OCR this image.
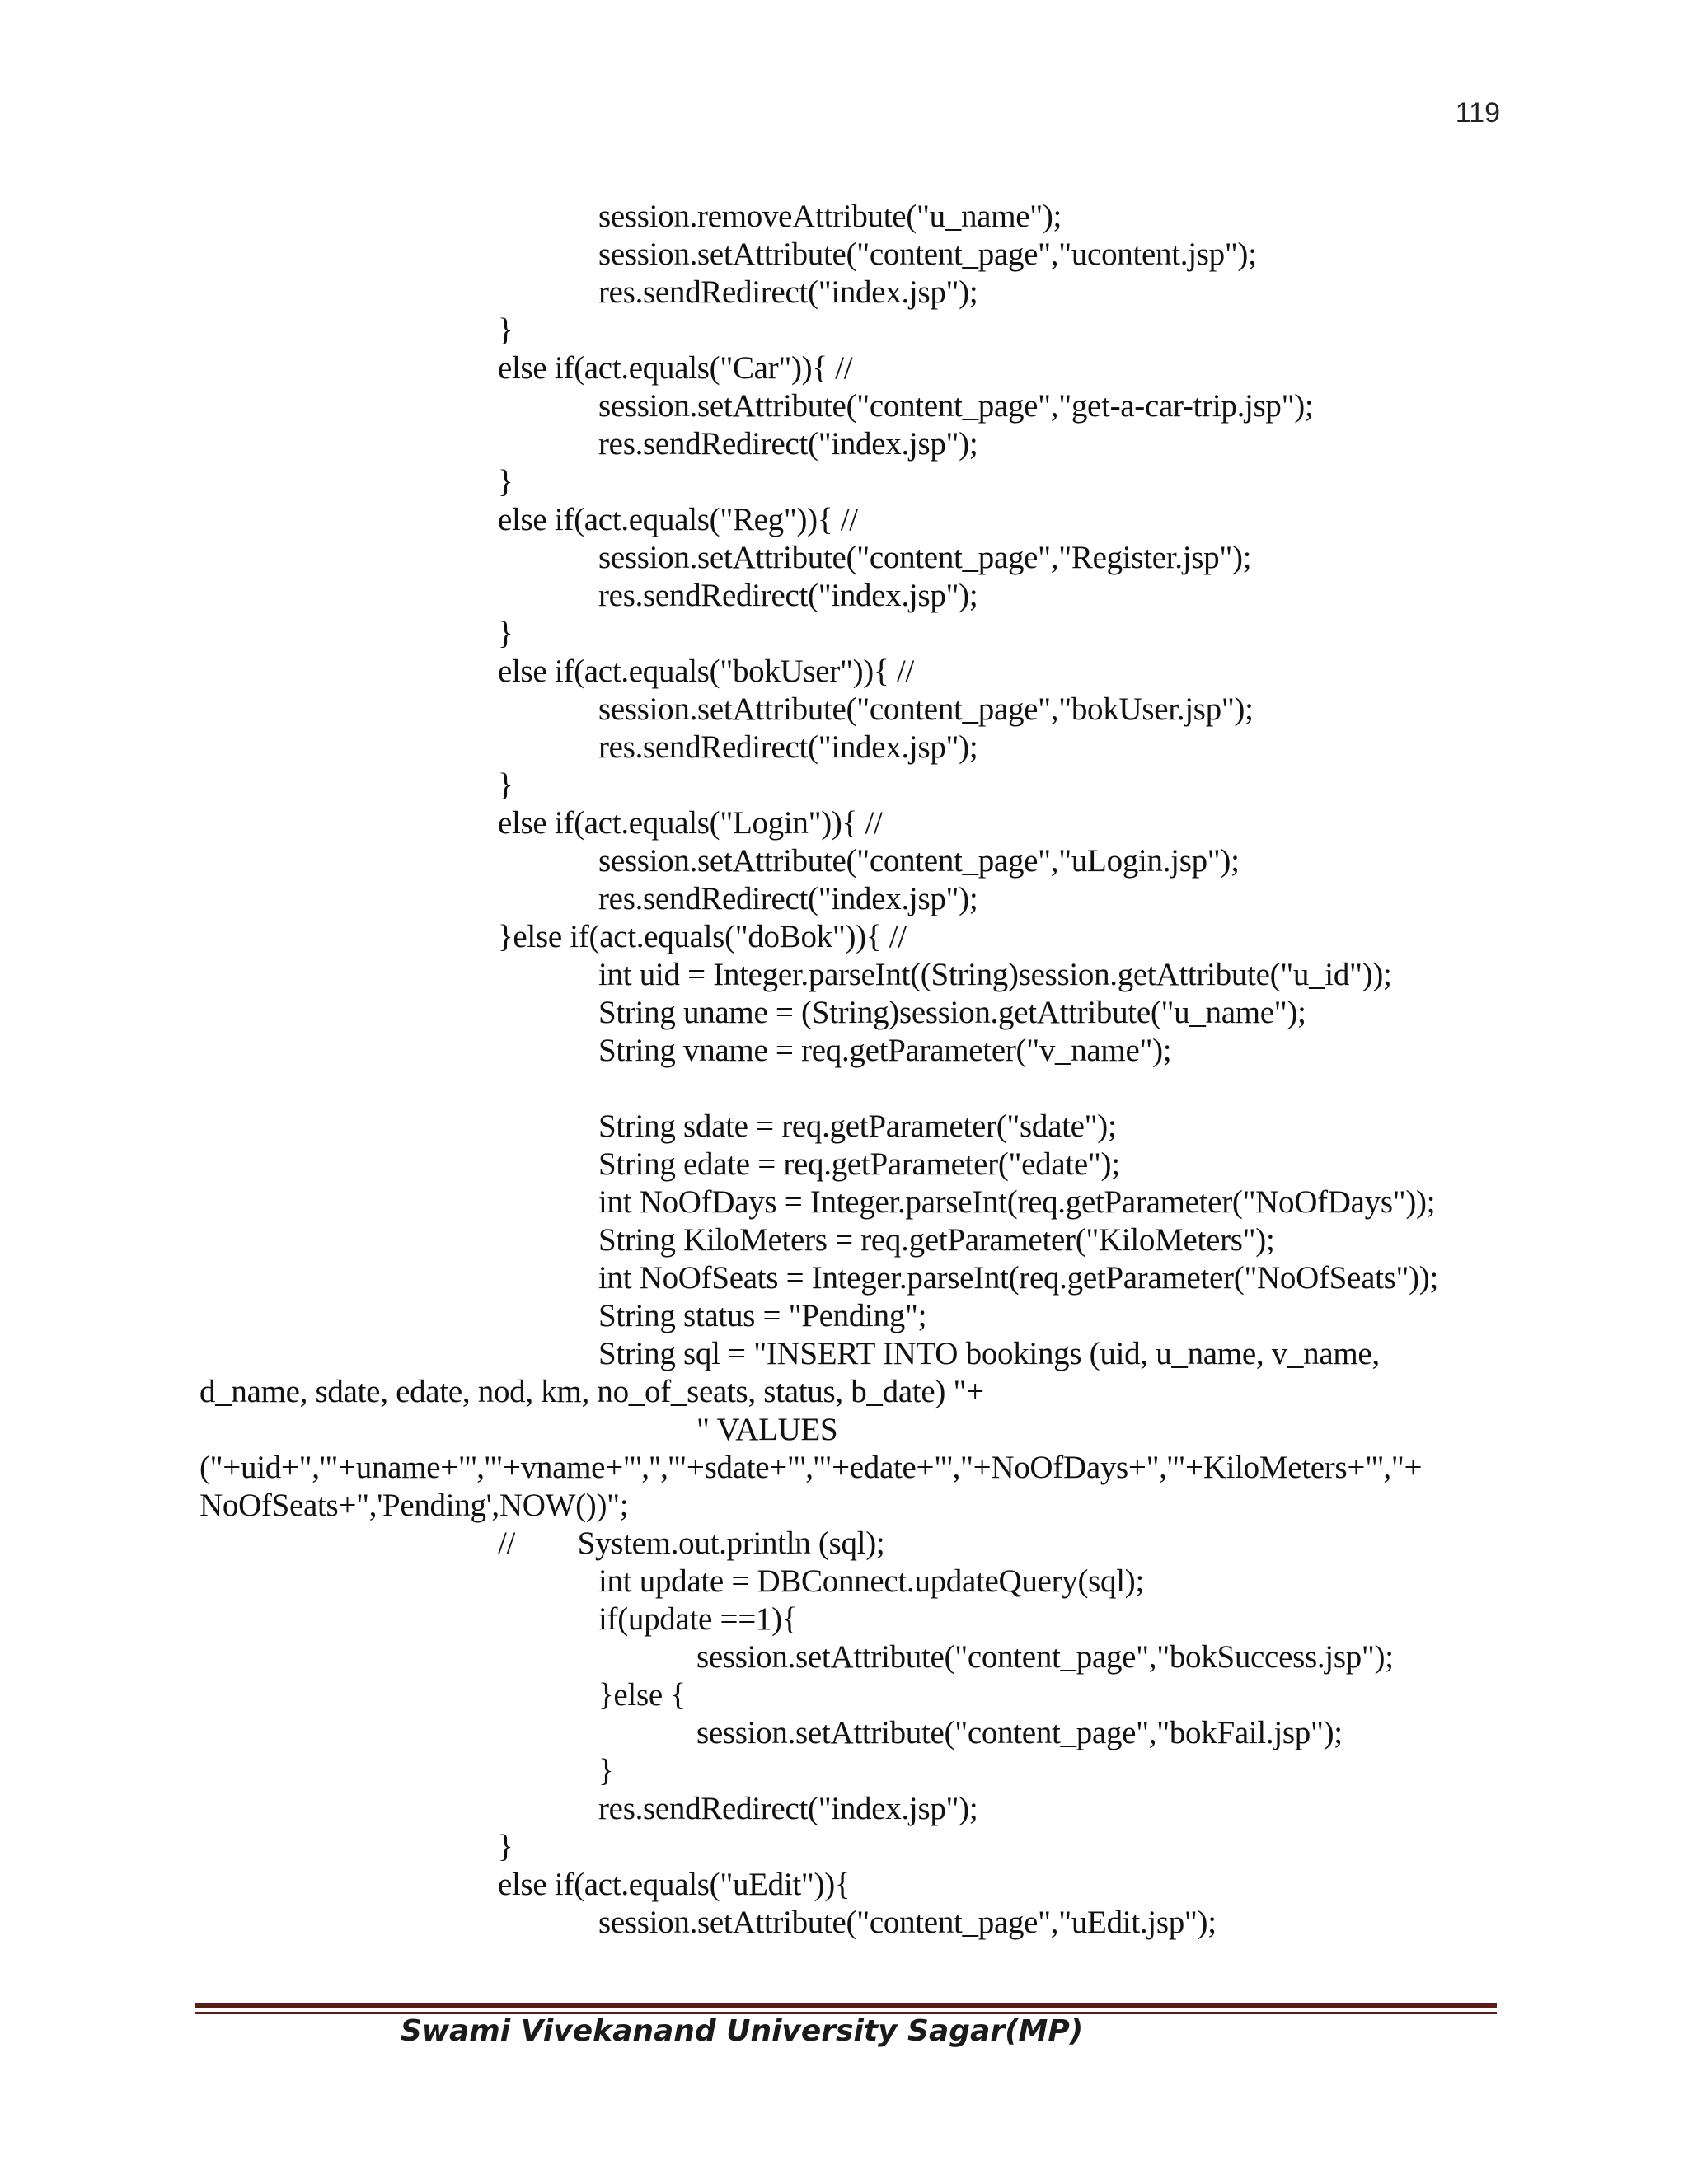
119
session.removeAttribute("u_name");
session.setAttribute("content_page","ucontent.jsp");
res.sendRedirect("index.jsp");
}
else if(act.equals("Car")){ //
session.setAttribute("content_page","get-a-car-trip.jsp");
res.sendRedirect("index.jsp");
}
else if(act.equals("Reg")){ //
session.setAttribute("content_page","Register.jsp");
res.sendRedirect("index.jsp");
}
else if(act.equals("bokUser")){ //
session.setAttribute("content_page","bokUser.jsp");
res.sendRedirect("index.jsp");
}
else if(act.equals("Login")){ //
session.setAttribute("content_page","uLogin.jsp");
res.sendRedirect("index.jsp");
}else if(act.equals("doBok")){ //
int uid = Integer.parseInt((String)session.getAttribute("u_id"));
String uname = (String)session.getAttribute("u_name");
String vname = req.getParameter("v_name");
String sdate = req.getParameter("sdate");
String edate = req.getParameter("edate");
int NoOfDays = Integer.parseInt(req.getParameter("NoOfDays"));
String KiloMeters = req.getParameter("KiloMeters");
int NoOfSeats = Integer.parseInt(req.getParameter("NoOfSeats"));
String status = "Pending";
String sql = "INSERT INTO bookings (uid, u_name, v_name,
d_name, sdate, edate, nod, km, no_of_seats, status, b_date) "+
" VALUES
("+uid+",'"+uname+"','"+vname+"','','"+sdate+"','"+edate+"',"+NoOfDays+",'"+KiloMeters+"',"+
NoOfSeats+",'Pending',NOW())";
//        System.out.println (sql);
int update = DBConnect.updateQuery(sql);
if(update ==1){
session.setAttribute("content_page","bokSuccess.jsp");
}else {
session.setAttribute("content_page","bokFail.jsp");
}
res.sendRedirect("index.jsp");
}
else if(act.equals("uEdit")){
session.setAttribute("content_page","uEdit.jsp");
Swami Vivekanand University Sagar(MP)
